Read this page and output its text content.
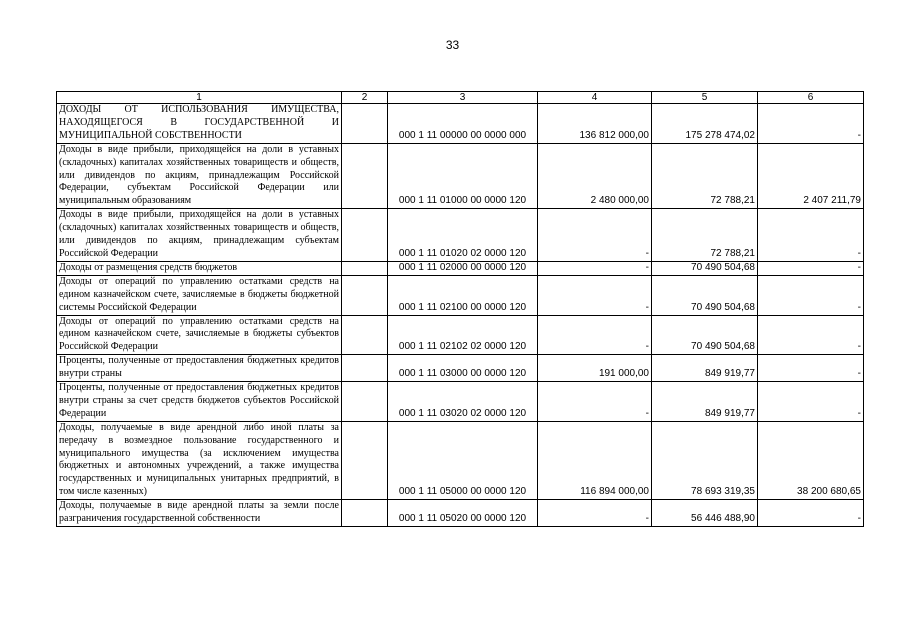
33
1	2	3	4	5	6
ДОХОДЫ ОТ ИСПОЛЬЗОВАНИЯ ИМУЩЕСТВА, НАХОДЯЩЕГОСЯ В ГОСУДАРСТВЕННОЙ И МУНИЦИПАЛЬНОЙ СОБСТВЕННОСТИ		000 1 11 00000 00 0000 000	136 812 000,00	175 278 474,02	-
Доходы в виде прибыли, приходящейся на доли в уставных (складочных) капиталах хозяйственных товариществ и обществ, или дивидендов по акциям, принадлежащим Российской Федерации, субъектам Российской Федерации или муниципальным образованиям		000 1 11 01000 00 0000 120	2 480 000,00	72 788,21	2 407 211,79
Доходы в виде прибыли, приходящейся на доли в уставных (складочных) капиталах хозяйственных товариществ и обществ, или дивидендов по акциям, принадлежащим субъектам Российской Федерации		000 1 11 01020 02 0000 120	-	72 788,21	-
Доходы от размещения средств бюджетов		000 1 11 02000 00 0000 120	-	70 490 504,68	-
Доходы от операций по управлению остатками средств на едином казначейском счете, зачисляемые в бюджеты бюджетной системы Российской Федерации		000 1 11 02100 00 0000 120	-	70 490 504,68	-
Доходы от операций по управлению остатками средств на едином казначейском счете, зачисляемые в бюджеты субъектов Российской Федерации		000 1 11 02102 02 0000 120	-	70 490 504,68	-
Проценты, полученные от предоставления бюджетных кредитов внутри страны		000 1 11 03000 00 0000 120	191 000,00	849 919,77	-
Проценты, полученные от предоставления бюджетных кредитов внутри страны за счет средств бюджетов субъектов Российской Федерации		000 1 11 03020 02 0000 120	-	849 919,77	-
Доходы, получаемые в виде арендной либо иной платы за передачу в возмездное пользование государственного и муниципального имущества (за исключением имущества бюджетных и автономных учреждений, а также имущества государственных и муниципальных унитарных предприятий, в том числе казенных)		000 1 11 05000 00 0000 120	116 894 000,00	78 693 319,35	38 200 680,65
Доходы, получаемые в виде арендной платы за земли после разграничения государственной собственности		000 1 11 05020 00 0000 120	-	56 446 488,90	-
